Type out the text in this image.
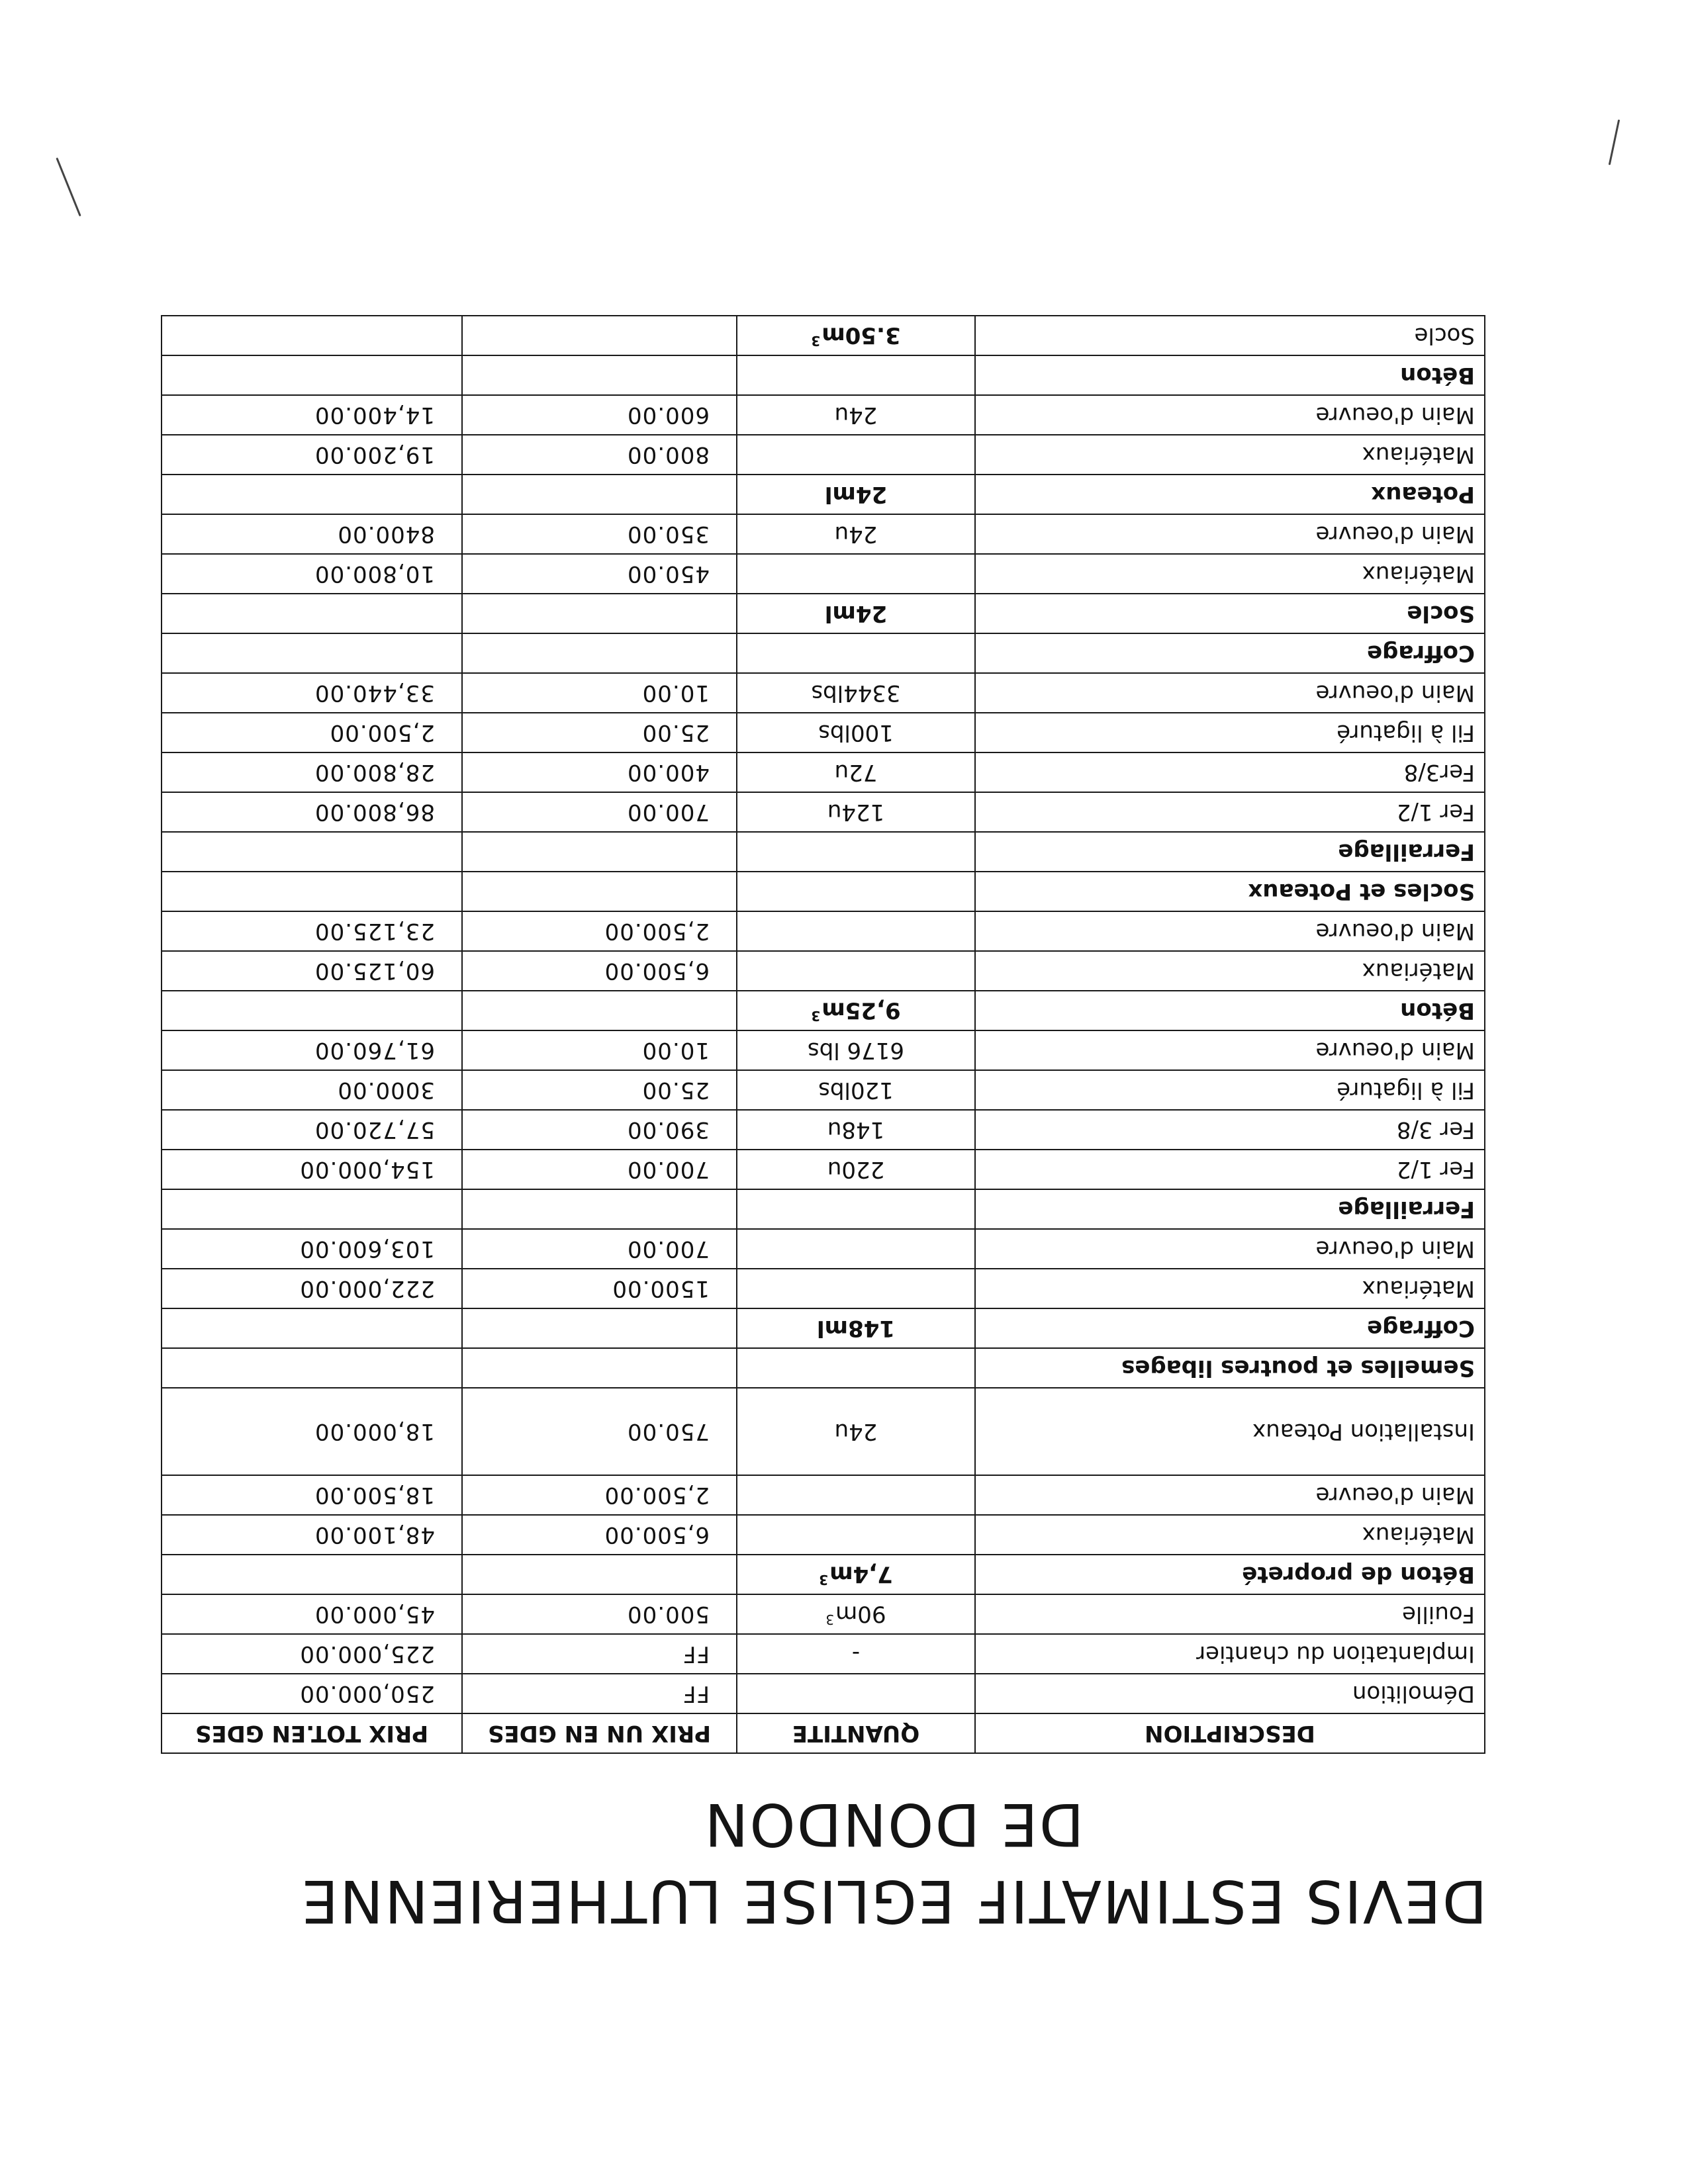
DEVIS ESTIMATIF EGLISE LUTHERIENNE
DE DONDON
DESCRIPTION	QUANTITE	PRIX UN EN GDES	PRIX TOT.EN GDES
Démolition		FF	250,000.00
Implantation du chantier	-	FF	225,000.00
Fouille	$90m^3$	500.00	45,000.00
Béton de propreté	$7,4m^3$		
Matériaux		6,500.00	48,100.00
Main d'oeuvre		2,500.00	18,500.00
Installation Poteaux	24u	750.00	18,000.00
Semelles et poutres libages			
Coffrage	148ml		
Matériaux		1500.00	222,000.00
Main d'oeuvre		700.00	103,600.00
Ferraillage			
Fer 1/2	220u	700.00	154,000.00
Fer 3/8	148u	390.00	57,720.00
Fil à ligaturé	120lbs	25.00	3000.00
Main d'oeuvre	6176 lbs	10.00	61,760.00
Béton	$9,25m^3$		
Matériaux		6,500.00	60,125.00
Main d'oeuvre		2,500.00	23,125.00
Socles et Poteaux			
Ferraillage			
Fer 1/2	124u	700.00	86,800.00
Fer3/8	72u	400.00	28,800.00
Fil à ligaturé	100lbs	25.00	2,500.00
Main d'oeuvre	3344lbs	10.00	33,440.00
Coffrage			
Socle	24ml		
Matériaux		450.00	10,800.00
Main d'oeuvre	24u	350.00	8400.00
Poteaux	24ml		
Matériaux		800.00	19,200.00
Main d'oeuvre	24u	600.00	14,400.00
Béton			
Socle	$3.50m^3$		
